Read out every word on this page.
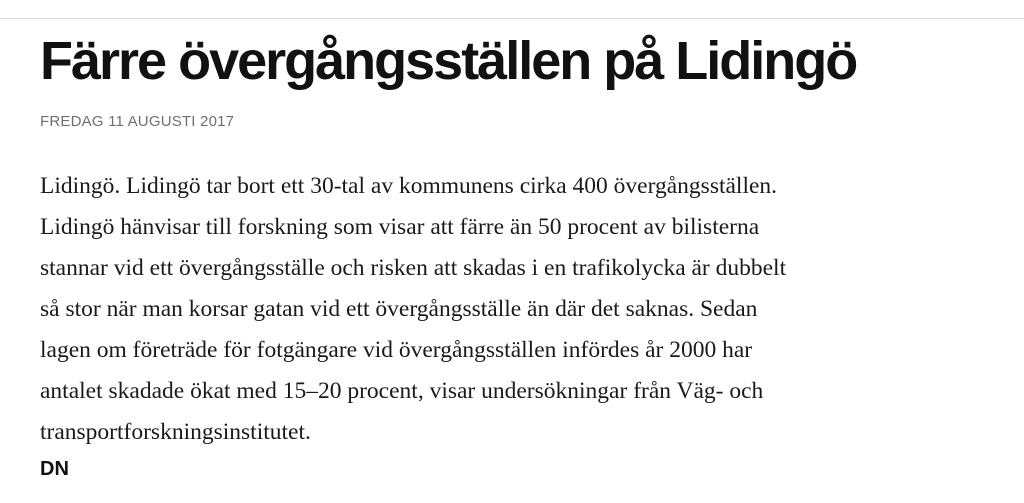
Färre övergångsställen på Lidingö
FREDAG 11 AUGUSTI 2017

Lidingö. Lidingö tar bort ett 30-tal av kommunens cirka 400 övergångsställen.

Lidingö hänvisar till forskning som visar att färre än 50 procent av bilisterna

stannar vid ett övergångsställe och risken att skadas i en trafikolycka är dubbelt

så stor när man korsar gatan vid ett övergångsställe än där det saknas. Sedan

lagen om företräde för fotgängare vid övergångsställen infördes år 2000 har

antalet skadade ökat med 15–20 procent, visar undersökningar från Väg- och

transportforskningsinstitutet.

DN
